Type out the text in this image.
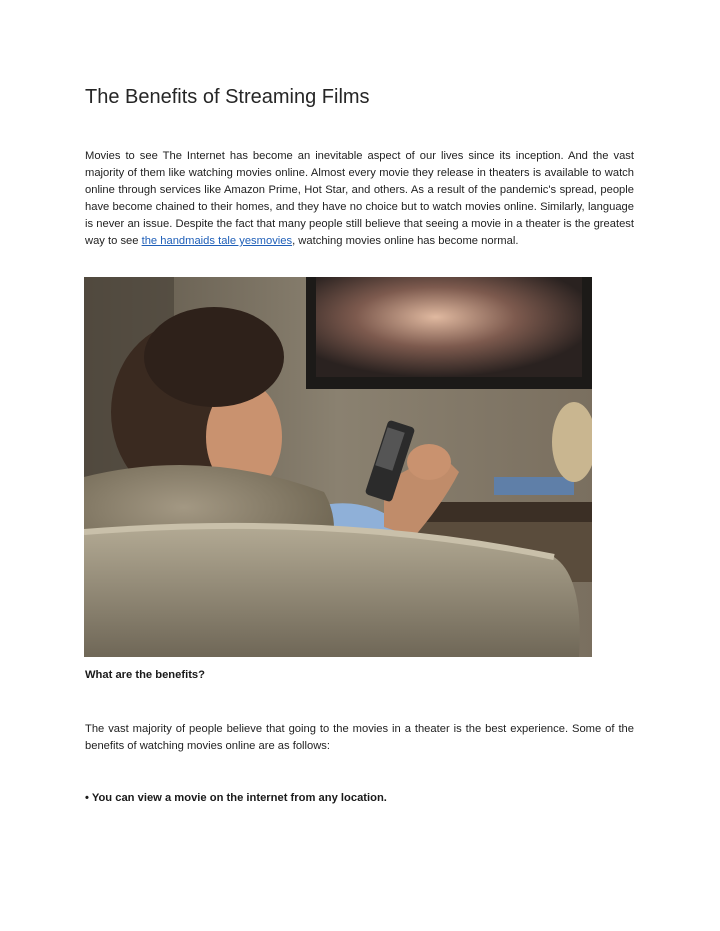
The Benefits of Streaming Films

Movies to see The Internet has become an inevitable aspect of our lives since its inception. And the vast majority of them like watching movies online. Almost every movie they release in theaters is available to watch online through services like Amazon Prime, Hot Star, and others. As a result of the pandemic's spread, people have become chained to their homes, and they have no choice but to watch movies online. Similarly, language is never an issue. Despite the fact that many people still believe that seeing a movie in a theater is the greatest way to see the handmaids tale yesmovies, watching movies online has become normal.

What are the benefits?

The vast majority of people believe that going to the movies in a theater is the best experience. Some of the benefits of watching movies online are as follows:

• You can view a movie on the internet from any location.
